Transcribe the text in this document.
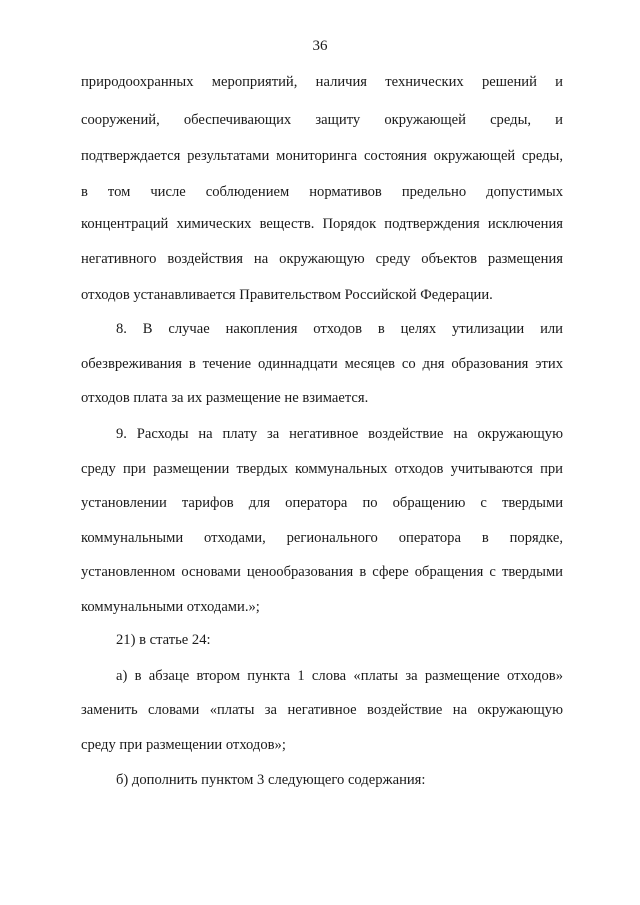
36
природоохранных мероприятий, наличия технических решений и
сооружений, обеспечивающих защиту окружающей среды, и
подтверждается результатами мониторинга состояния окружающей среды,
в том числе соблюдением нормативов предельно допустимых
концентраций химических веществ. Порядок подтверждения исключения
негативного воздействия на окружающую среду объектов размещения
отходов устанавливается Правительством Российской Федерации.
8. В случае накопления отходов в целях утилизации или
обезвреживания в течение одиннадцати месяцев со дня образования этих
отходов плата за их размещение не взимается.
9. Расходы на плату за негативное воздействие на окружающую
среду при размещении твердых коммунальных отходов учитываются при
установлении тарифов для оператора по обращению с твердыми
коммунальными отходами, регионального оператора в порядке,
установленном основами ценообразования в сфере обращения с твердыми
коммунальными отходами.»;
21) в статье 24:
а) в абзаце втором пункта 1 слова «платы за размещение отходов»
заменить словами «платы за негативное воздействие на окружающую
среду при размещении отходов»;
б) дополнить пунктом 3 следующего содержания:
